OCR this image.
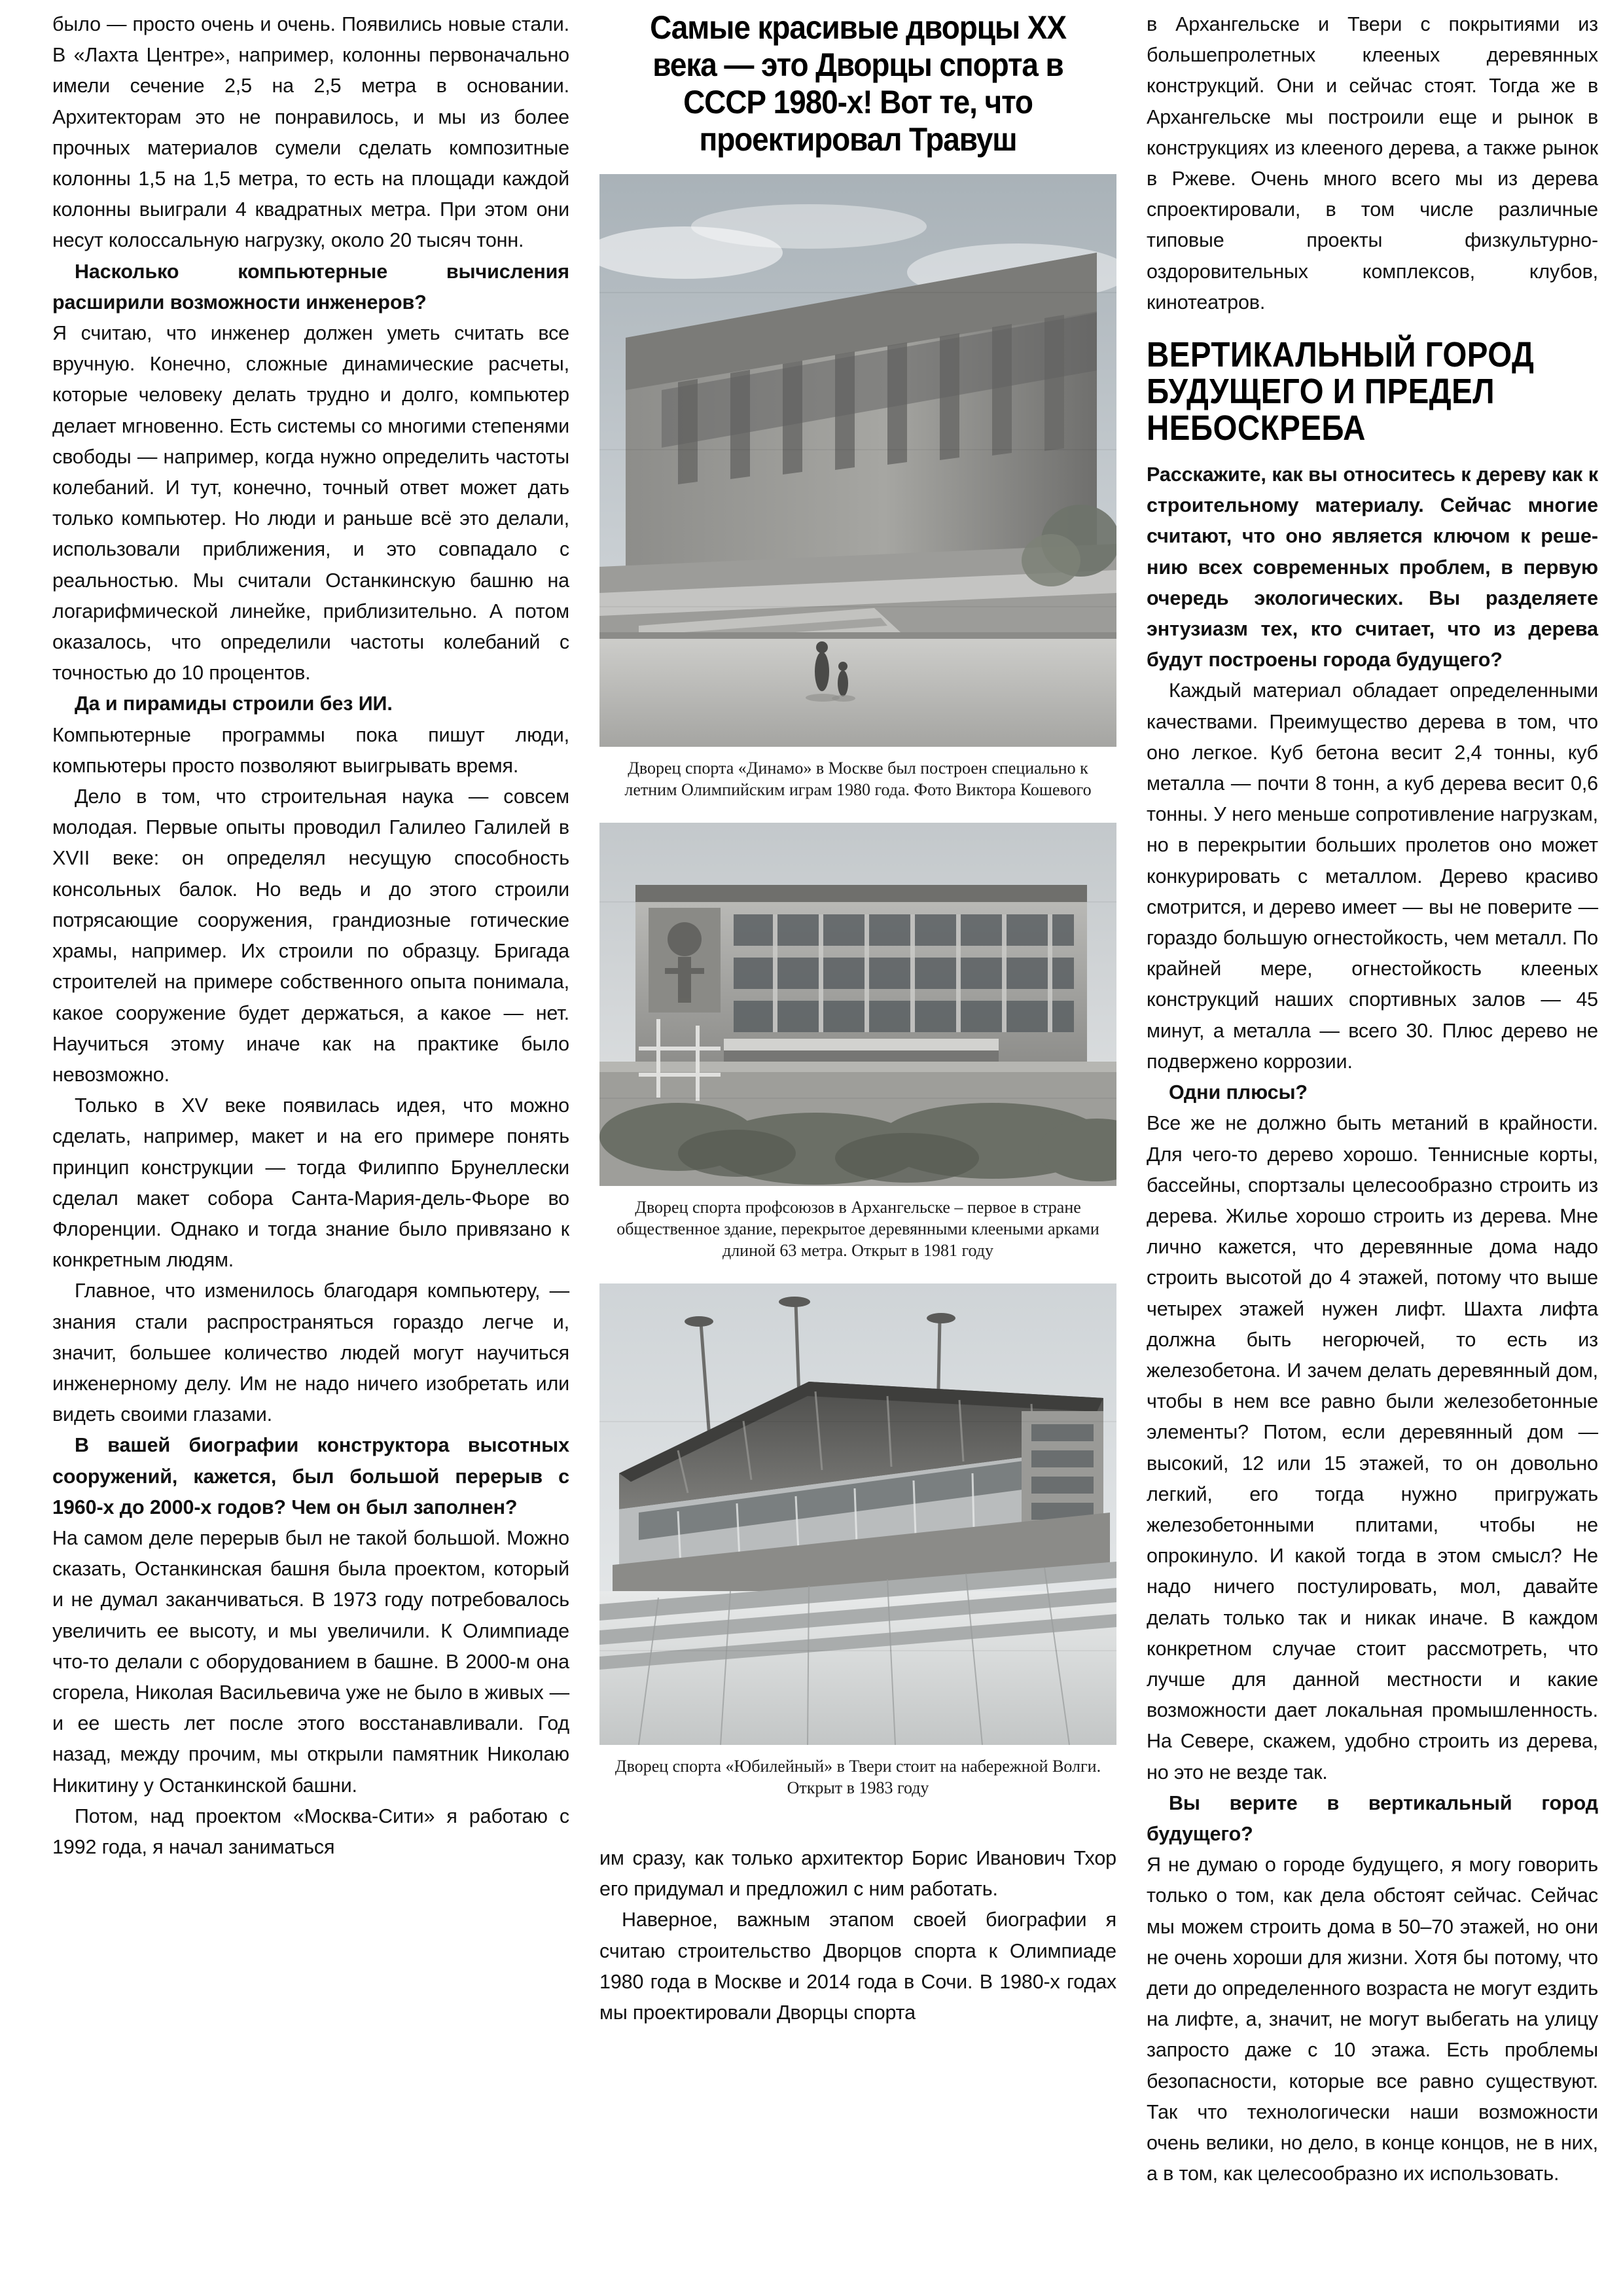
было — просто очень и очень. Появились новые стали. В «Лахта Центре», например, колонны первоначально имели сечение 2,5 на 2,5 метра в основании. Архитекторам это не понравилось, и мы из более прочных материалов сумели сделать композитные колонны 1,5 на 1,5 метра, то есть на площади каждой колонны выиграли 4 квадратных метра. При этом они несут колоссальную нагрузку, около 20 тысяч тонн.

Насколько компьютерные вычисления расширили возможности инженеров?

Я считаю, что инженер должен уметь считать все вручную. Конечно, сложные динамические расчеты, которые человеку делать трудно и долго, компьютер делает мгновенно. Есть системы со многими степенями свободы — например, когда нужно определить частоты колебаний. И тут, конечно, точный ответ может дать только компьютер. Но люди и раньше всё это делали, использовали приближения, и это совпадало с реальностью. Мы считали Останкинскую башню на логарифмической линейке, приблизительно. А потом оказалось, что определили частоты колебаний с точностью до 10 процентов.

Да и пирамиды строили без ИИ.

Компьютерные программы пока пишут люди, компьютеры просто позволяют выигрывать время.

Дело в том, что строительная наука — совсем молодая. Первые опыты проводил Галилео Галилей в XVII веке: он определял несущую способность консольных балок. Но ведь и до этого строили потрясающие сооружения, грандиозные готические храмы, например. Их строили по образцу. Бригада строителей на примере собственного опыта понимала, какое сооружение будет держаться, а какое — нет. Научиться этому иначе как на практике было невозможно.

Только в XV веке появилась идея, что можно сделать, например, макет и на его примере понять принцип конструкции — тогда Филиппо Брунеллески сделал макет собора Санта-Мария-дель-Фьоре во Флоренции. Однако и тогда знание было привязано к конкретным людям.

Главное, что изменилось благодаря компьютеру, — знания стали распространяться гораздо легче и, значит, большее количество людей могут научиться инженерному делу. Им не надо ничего изобретать или видеть своими глазами.

В вашей биографии конструктора высотных сооружений, кажется, был большой перерыв с 1960-х до 2000-х годов? Чем он был заполнен?

На самом деле перерыв был не такой большой. Можно сказать, Останкинская башня была проектом, который и не думал заканчиваться. В 1973 году потребовалось увеличить ее высоту, и мы увеличили. К Олимпиаде что-то делали с оборудованием в башне. В 2000-м она сгорела, Николая Васильевича уже не было в живых — и ее шесть лет после этого восстанавливали. Год назад, между прочим, мы открыли памятник Николаю Никитину у Останкинской башни.

Потом, над проектом «Москва-Сити» я работаю с 1992 года, я начал заниматься

Самые красивые дворцы XX века — это Дворцы спорта в СССР 1980-х! Вот те, что проектировал Травуш

Дворец спорта «Динамо» в Москве был построен специально к летним Олимпийским играм 1980 года. Фото Виктора Кошевого

Дворец спорта профсоюзов в Архангельске – первое в стране общественное здание, перекрытое деревянными клееными арками длиной 63 метра. Открыт в 1981 году

Дворец спорта «Юбилейный» в Твери стоит на набережной Волги. Открыт в 1983 году

им сразу, как только архитектор Борис Иванович Тхор его придумал и предложил с ним работать.

Наверное, важным этапом своей биографии я считаю строительство Дворцов спорта к Олимпиаде 1980 года в Москве и 2014 года в Сочи. В 1980-х годах мы проектировали Дворцы спорта

в Архангельске и Твери с покрытиями из большепролетных клееных деревянных конструкций. Они и сейчас стоят. Тогда же в Архангельске мы построили еще и рынок в конструкциях из клееного дерева, а также рынок в Ржеве. Очень много всего мы из дерева спроектировали, в том числе различные типовые проекты физкультурно-оздоровительных комплексов, клубов, кинотеатров.

ВЕРТИКАЛЬНЫЙ ГОРОД БУДУЩЕГО И ПРЕДЕЛ НЕБОСКРЕБА

Расскажите, как вы относитесь к дереву как к строительному материалу. Сейчас многие считают, что оно является ключом к решению всех современных проблем, в первую очередь экологических. Вы разделяете энтузиазм тех, кто считает, что из дерева будут построены города будущего?

Каждый материал обладает определенными качествами. Преимущество дерева в том, что оно легкое. Куб бетона весит 2,4 тонны, куб металла — почти 8 тонн, а куб дерева весит 0,6 тонны. У него меньше сопротивление нагрузкам, но в перекрытии больших пролетов оно может конкурировать с металлом. Дерево красиво смотрится, и дерево имеет — вы не поверите — гораздо большую огнестойкость, чем металл. По крайней мере, огнестойкость клееных конструкций наших спортивных залов — 45 минут, а металла — всего 30. Плюс дерево не подвержено коррозии.

Одни плюсы?

Все же не должно быть метаний в крайности. Для чего-то дерево хорошо. Теннисные корты, бассейны, спортзалы целесообразно строить из дерева. Жилье хорошо строить из дерева. Мне лично кажется, что деревянные дома надо строить высотой до 4 этажей, потому что выше четырех этажей нужен лифт. Шахта лифта должна быть негорючей, то есть из железобетона. И зачем делать деревянный дом, чтобы в нем все равно были железобетонные элементы? Потом, если деревянный дом — высокий, 12 или 15 этажей, то он довольно легкий, его тогда нужно пригружать железобетонными плитами, чтобы не опрокинуло. И какой тогда в этом смысл? Не надо ничего постулировать, мол, давайте делать только так и никак иначе. В каждом конкретном случае стоит рассмотреть, что лучше для данной местности и какие возможности дает локальная промышленность. На Севере, скажем, удобно строить из дерева, но это не везде так.

Вы верите в вертикальный город будущего?

Я не думаю о городе будущего, я могу говорить только о том, как дела обстоят сейчас. Сейчас мы можем строить дома в 50–70 этажей, но они не очень хороши для жизни. Хотя бы потому, что дети до определенного возраста не могут ездить на лифте, а, значит, не могут выбегать на улицу запросто даже с 10 этажа. Есть проблемы безопасности, которые все равно существуют. Так что технологически наши возможности очень велики, но дело, в конце концов, не в них, а в том, как целесообразно их использовать.
